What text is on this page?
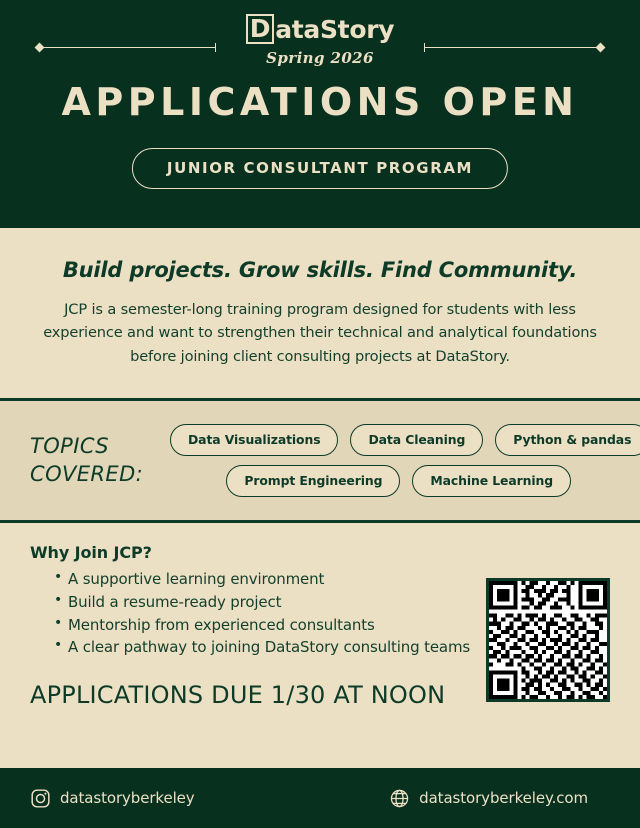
D ataStory
Spring 2026
APPLICATIONS OPEN
JUNIOR CONSULTANT PROGRAM
Build projects. Grow skills. Find Community.
JCP is a semester-long training program designed for students with less experience and want to strengthen their technical and analytical foundations before joining client consulting projects at DataStory.
TOPICS
COVERED:
Data Visualizations	Data Cleaning	Python & pandas
Prompt Engineering	Machine Learning
Why Join JCP?
• A supportive learning environment
• Build a resume-ready project
• Mentorship from experienced consultants
• A clear pathway to joining DataStory consulting teams
APPLICATIONS DUE 1/30 AT NOON
datastoryberkeley	datastoryberkeley.com
